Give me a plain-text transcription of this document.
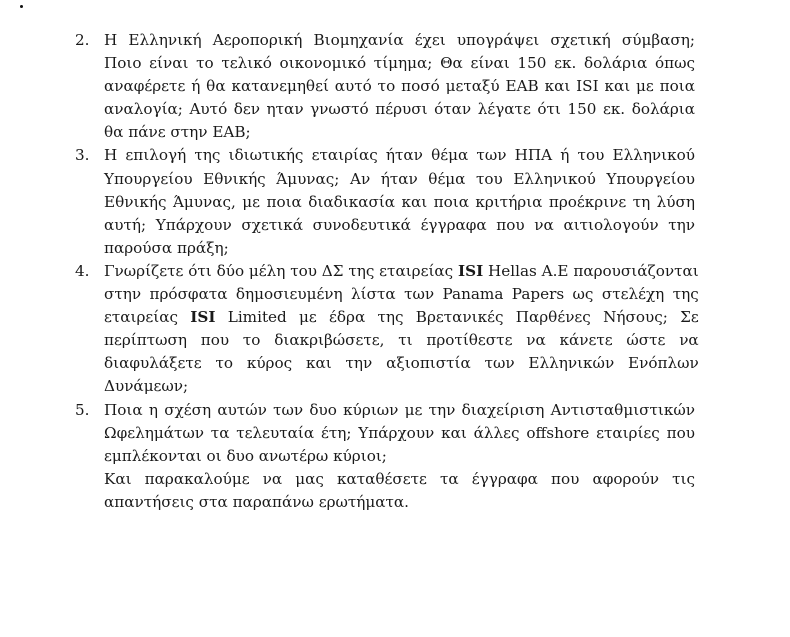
2. Η Ελληνική Αεροπορική Βιομηχανία έχει υπογράψει σχετική σύμβαση;
Ποιο είναι το τελικό οικονομικό τίμημα; Θα είναι 150 εκ. δολάρια όπως
αναφέρετε ή θα κατανεμηθεί αυτό το ποσό μεταξύ ΕΑΒ και ISI και με ποια
αναλογία; Αυτό δεν ηταν γνωστό πέρυσι όταν λέγατε ότι 150 εκ. δολάρια
θα πάνε στην ΕΑΒ;
3. Η επιλογή της ιδιωτικής εταιρίας ήταν θέμα των ΗΠΑ ή του Ελληνικού
Υπουργείου Εθνικής Άμυνας; Αν ήταν θέμα του Ελληνικού Υπουργείου
Εθνικής Άμυνας, με ποια διαδικασία και ποια κριτήρια προέκρινε τη λύση
αυτή; Υπάρχουν σχετικά συνοδευτικά έγγραφα που να αιτιολογούν την
παρούσα πράξη;
4. Γνωρίζετε ότι δύο μέλη του ΔΣ της εταιρείας ISI Hellas A.E παρουσιάζονται
στην πρόσφατα δημοσιευμένη λίστα των Panama Papers ως στελέχη της
εταιρείας ISI Limited με έδρα της Βρετανικές Παρθένες Νήσους; Σε
περίπτωση που το διακριβώσετε, τι προτίθεστε να κάνετε ώστε να
διαφυλάξετε το κύρος και την αξιοπιστία των Ελληνικών Ενόπλων
Δυνάμεων;
5. Ποια η σχέση αυτών των δυο κύριων με την διαχείριση Αντισταθμιστικών
Ωφελημάτων τα τελευταία έτη; Υπάρχουν και άλλες offshore εταιρίες που
εμπλέκονται οι δυο ανωτέρω κύριοι;
Και παρακαλούμε να μας καταθέσετε τα έγγραφα που αφορούν τις
απαντήσεις στα παραπάνω ερωτήματα.
